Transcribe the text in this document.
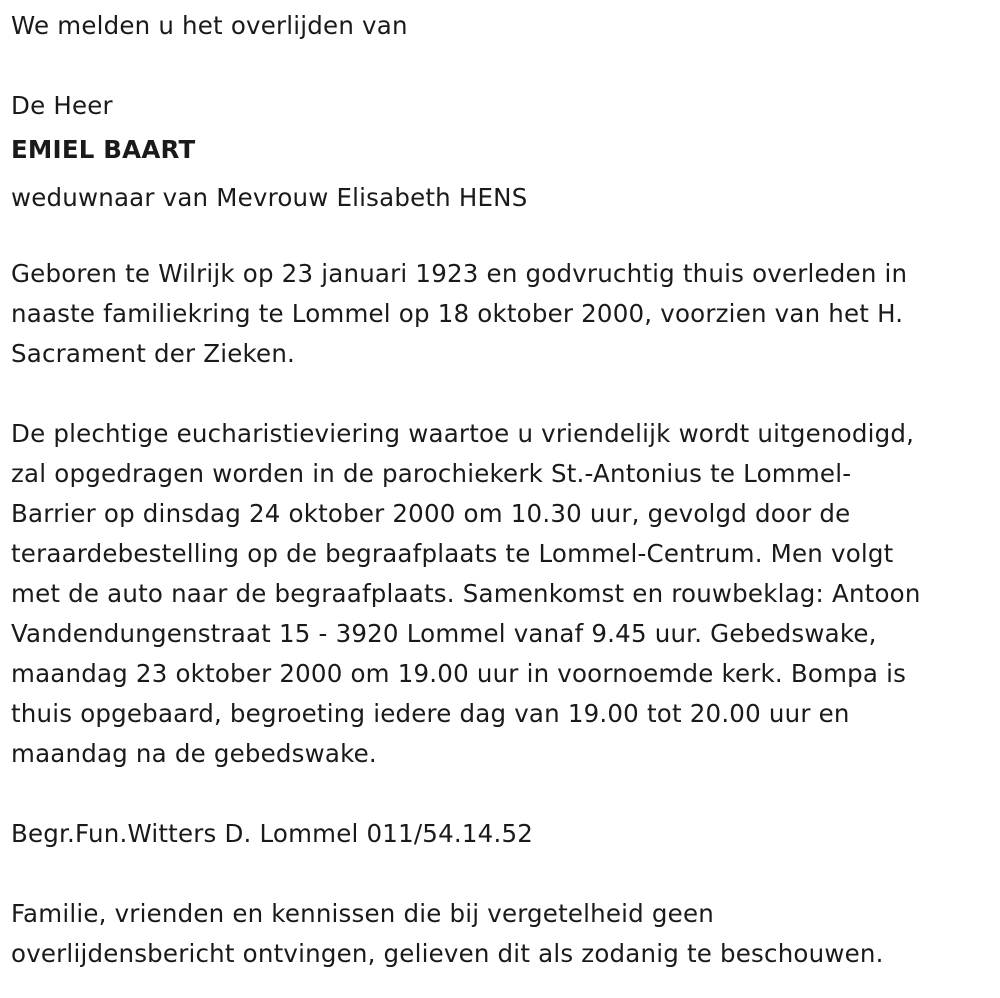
We melden u het overlijden van

De Heer

EMIEL BAART

weduwnaar van Mevrouw Elisabeth HENS

Geboren te Wilrijk op 23 januari 1923 en godvruchtig thuis overleden in
naaste familiekring te Lommel op 18 oktober 2000, voorzien van het H.
Sacrament der Zieken.

De plechtige eucharistieviering waartoe u vriendelijk wordt uitgenodigd,
zal opgedragen worden in de parochiekerk St.-Antonius te Lommel-
Barrier op dinsdag 24 oktober 2000 om 10.30 uur, gevolgd door de
teraardebestelling op de begraafplaats te Lommel-Centrum. Men volgt
met de auto naar de begraafplaats. Samenkomst en rouwbeklag: Antoon
Vandendungenstraat 15 - 3920 Lommel vanaf 9.45 uur. Gebedswake,
maandag 23 oktober 2000 om 19.00 uur in voornoemde kerk. Bompa is
thuis opgebaard, begroeting iedere dag van 19.00 tot 20.00 uur en
maandag na de gebedswake.

Begr.Fun.Witters D. Lommel 011/54.14.52

Familie, vrienden en kennissen die bij vergetelheid geen
overlijdensbericht ontvingen, gelieven dit als zodanig te beschouwen.
